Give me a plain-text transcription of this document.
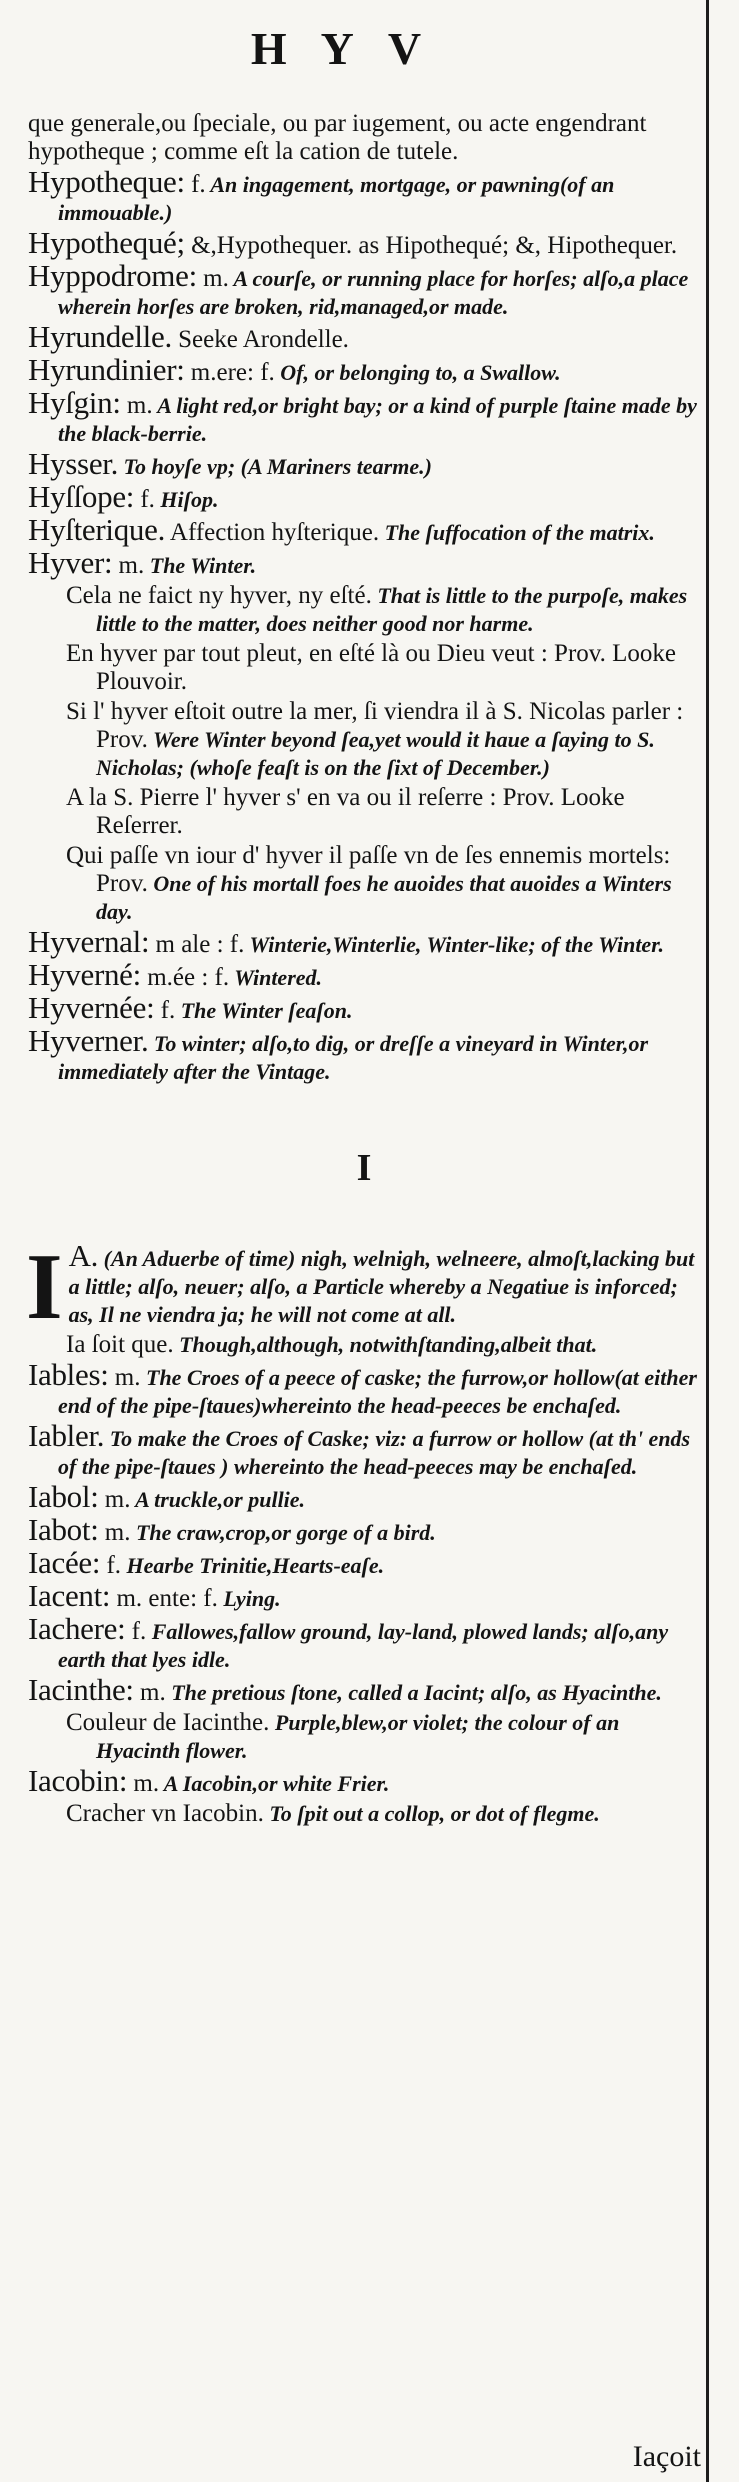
HYV

que generale,ou ſpeciale, ou par iugement, ou acte engendrant hypotheque ; comme eſt la cation de tutele.

Hypotheque: f. An ingagement, mortgage, or pawning(of an immouable.)

Hypothequé; &,Hypothequer. as Hipothequé; &, Hipothequer.

Hyppodrome: m. A courſe, or running place for horſes; alſo,a place wherein horſes are broken, rid,managed,or made.

Hyrundelle. Seeke Arondelle.

Hyrundinier: m.ere: f. Of, or belonging to, a Swallow.

Hyſgin: m. A light red,or bright bay; or a kind of purple ſtaine made by the black-berrie.

Hysser. To hoyſe vp; (A Mariners tearme.)

Hyſſope: f. Hiſop.

Hyſterique. Affection hyſterique. The ſuffocation of the matrix.

Hyver: m. The Winter.

Cela ne faict ny hyver, ny eſté. That is little to the purpoſe, makes little to the matter, does neither good nor harme.

En hyver par tout pleut, en eſté là ou Dieu veut : Prov. Looke Plouvoir.

Si l' hyver eſtoit outre la mer, ſi viendra il à S. Nicolas parler : Prov. Were Winter beyond ſea,yet would it haue a ſaying to S. Nicholas; (whoſe feaſt is on the ſixt of December.)

A la S. Pierre l' hyver s' en va ou il reſerre : Prov. Looke Reſerrer.

Qui paſſe vn iour d' hyver il paſſe vn de ſes ennemis mortels: Prov. One of his mortall foes he auoides that auoides a Winters day.

Hyvernal: m ale : f. Winterie,Winterlie, Winter-like; of the Winter.

Hyverné: m.ée : f. Wintered.

Hyvernée: f. The Winter ſeaſon.

Hyverner. To winter; alſo,to dig, or dreſſe a vineyard in Winter,or immediately after the Vintage.

I

I A. (An Aduerbe of time) nigh, welnigh, welneere, almoſt,lacking but a little; alſo, neuer; alſo, a Particle whereby a Negatiue is inforced; as, Il ne viendra ja; he will not come at all.

Ia ſoit que. Though,although, notwithſtanding,albeit that.

Iables: m. The Croes of a peece of caske; the furrow,or hollow(at either end of the pipe-ſtaues)whereinto the head-peeces be enchaſed.

Iabler. To make the Croes of Caske; viz: a furrow or hollow (at th' ends of the pipe-ſtaues ) whereinto the head-peeces may be enchaſed.

Iabol: m. A truckle,or pullie.

Iabot: m. The craw,crop,or gorge of a bird.

Iacée: f. Hearbe Trinitie,Hearts-eaſe.

Iacent: m. ente: f. Lying.

Iachere: f. Fallowes,fallow ground, lay-land, plowed lands; alſo,any earth that lyes idle.

Iacinthe: m. The pretious ſtone, called a Iacint; alſo, as Hyacinthe.

Couleur de Iacinthe. Purple,blew,or violet; the colour of an Hyacinth flower.

Iacobin: m. A Iacobin,or white Frier.

Cracher vn Iacobin. To ſpit out a collop, or dot of flegme.

Iaçoit
